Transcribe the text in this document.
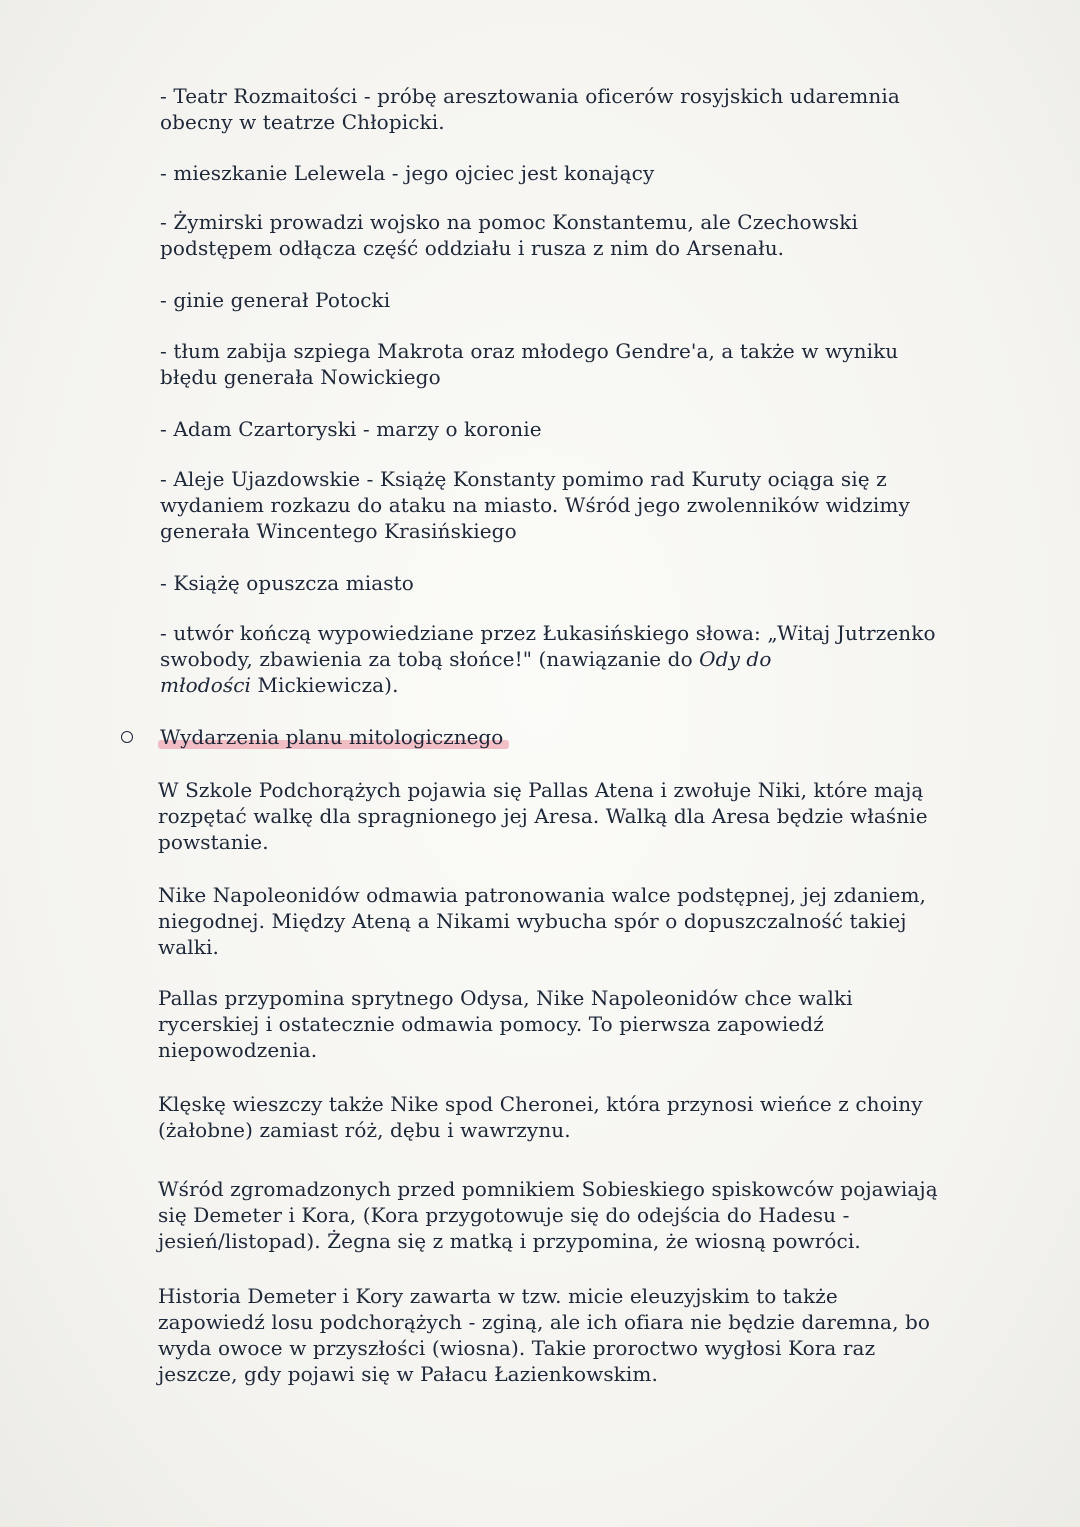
- Teatr Rozmaitości - próbę aresztowania oficerów rosyjskich udaremnia
obecny w teatrze Chłopicki.
- mieszkanie Lelewela - jego ojciec jest konający
- Żymirski prowadzi wojsko na pomoc Konstantemu, ale Czechowski
podstępem odłącza część oddziału i rusza z nim do Arsenału.
- ginie generał Potocki
- tłum zabija szpiega Makrota oraz młodego Gendre'a, a także w wyniku
błędu generała Nowickiego
- Adam Czartoryski - marzy o koronie
- Aleje Ujazdowskie - Książę Konstanty pomimo rad Kuruty ociąga się z
wydaniem rozkazu do ataku na miasto. Wśród jego zwolenników widzimy
generała Wincentego Krasińskiego
- Książę opuszcza miasto
- utwór kończą wypowiedziane przez Łukasińskiego słowa: „Witaj Jutrzenko
swobody, zbawienia za tobą słońce!" (nawiązanie do Ody do
młodości Mickiewicza).
Wydarzenia planu mitologicznego
W Szkole Podchorążych pojawia się Pallas Atena i zwołuje Niki, które mają
rozpętać walkę dla spragnionego jej Aresa. Walką dla Aresa będzie właśnie
powstanie.
Nike Napoleonidów odmawia patronowania walce podstępnej, jej zdaniem,
niegodnej. Między Ateną a Nikami wybucha spór o dopuszczalność takiej
walki.
Pallas przypomina sprytnego Odysa, Nike Napoleonidów chce walki
rycerskiej i ostatecznie odmawia pomocy. To pierwsza zapowiedź
niepowodzenia.
Klęskę wieszczy także Nike spod Cheronei, która przynosi wieńce z choiny
(żałobne) zamiast róż, dębu i wawrzynu.
Wśród zgromadzonych przed pomnikiem Sobieskiego spiskowców pojawiają
się Demeter i Kora, (Kora przygotowuje się do odejścia do Hadesu -
jesień/listopad). Żegna się z matką i przypomina, że wiosną powróci.
Historia Demeter i Kory zawarta w tzw. micie eleuzyjskim to także
zapowiedź losu podchorążych - zginą, ale ich ofiara nie będzie daremna, bo
wyda owoce w przyszłości (wiosna). Takie proroctwo wygłosi Kora raz
jeszcze, gdy pojawi się w Pałacu Łazienkowskim.
